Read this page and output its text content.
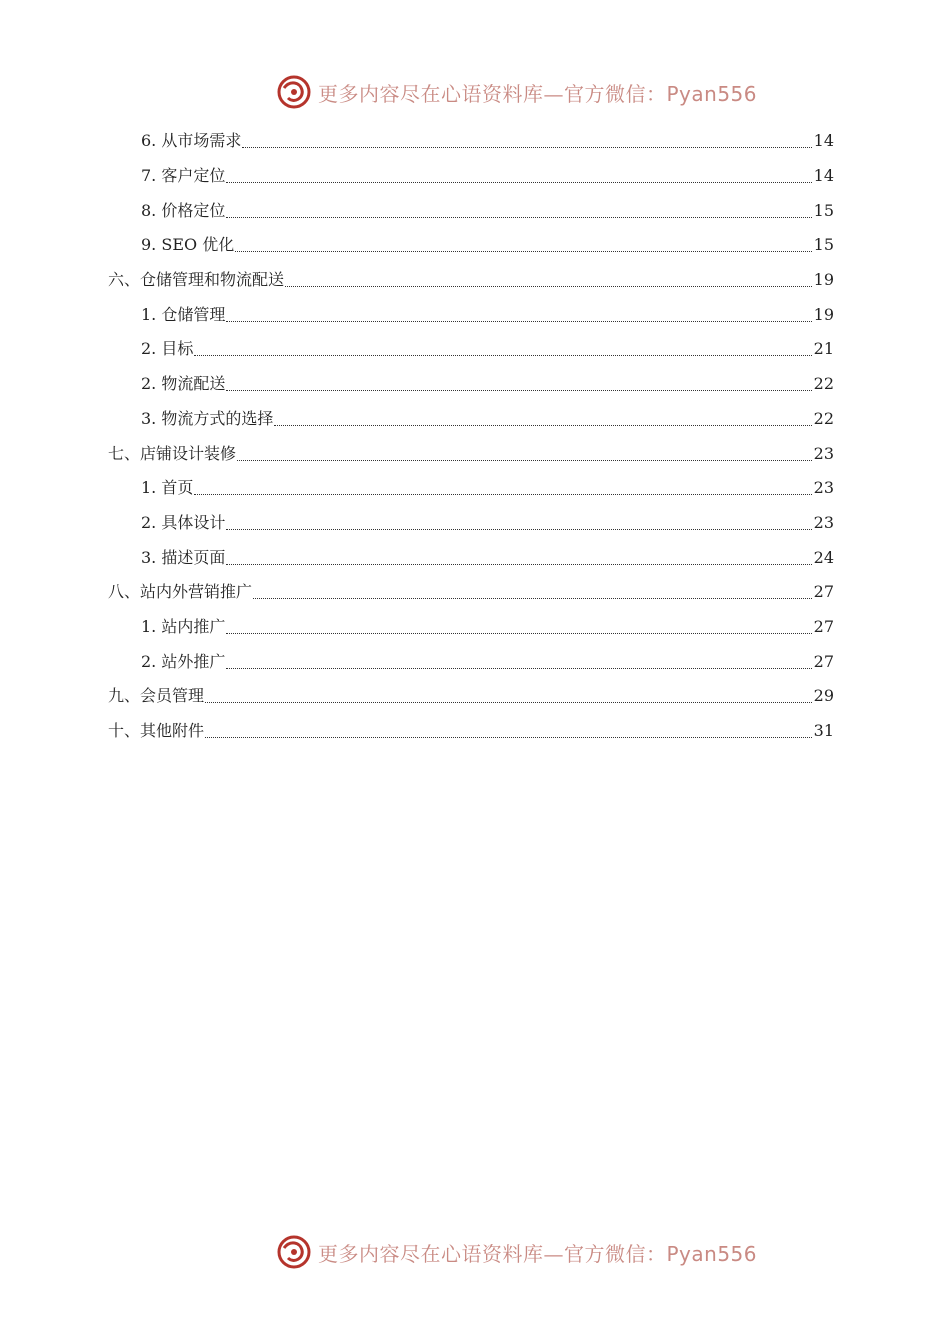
更多内容尽在心语资料库—官方微信：Pyan556
6. 从市场需求	14
7. 客户定位	14
8. 价格定位	15
9. SEO 优化	15
六、仓储管理和物流配送	19
1. 仓储管理	19
2. 目标	21
2. 物流配送	22
3. 物流方式的选择	22
七、店铺设计装修	23
1. 首页	23
2. 具体设计	23
3. 描述页面	24
八、站内外营销推广	27
1. 站内推广	27
2. 站外推广	27
九、会员管理	29
十、其他附件	31
更多内容尽在心语资料库—官方微信：Pyan556
